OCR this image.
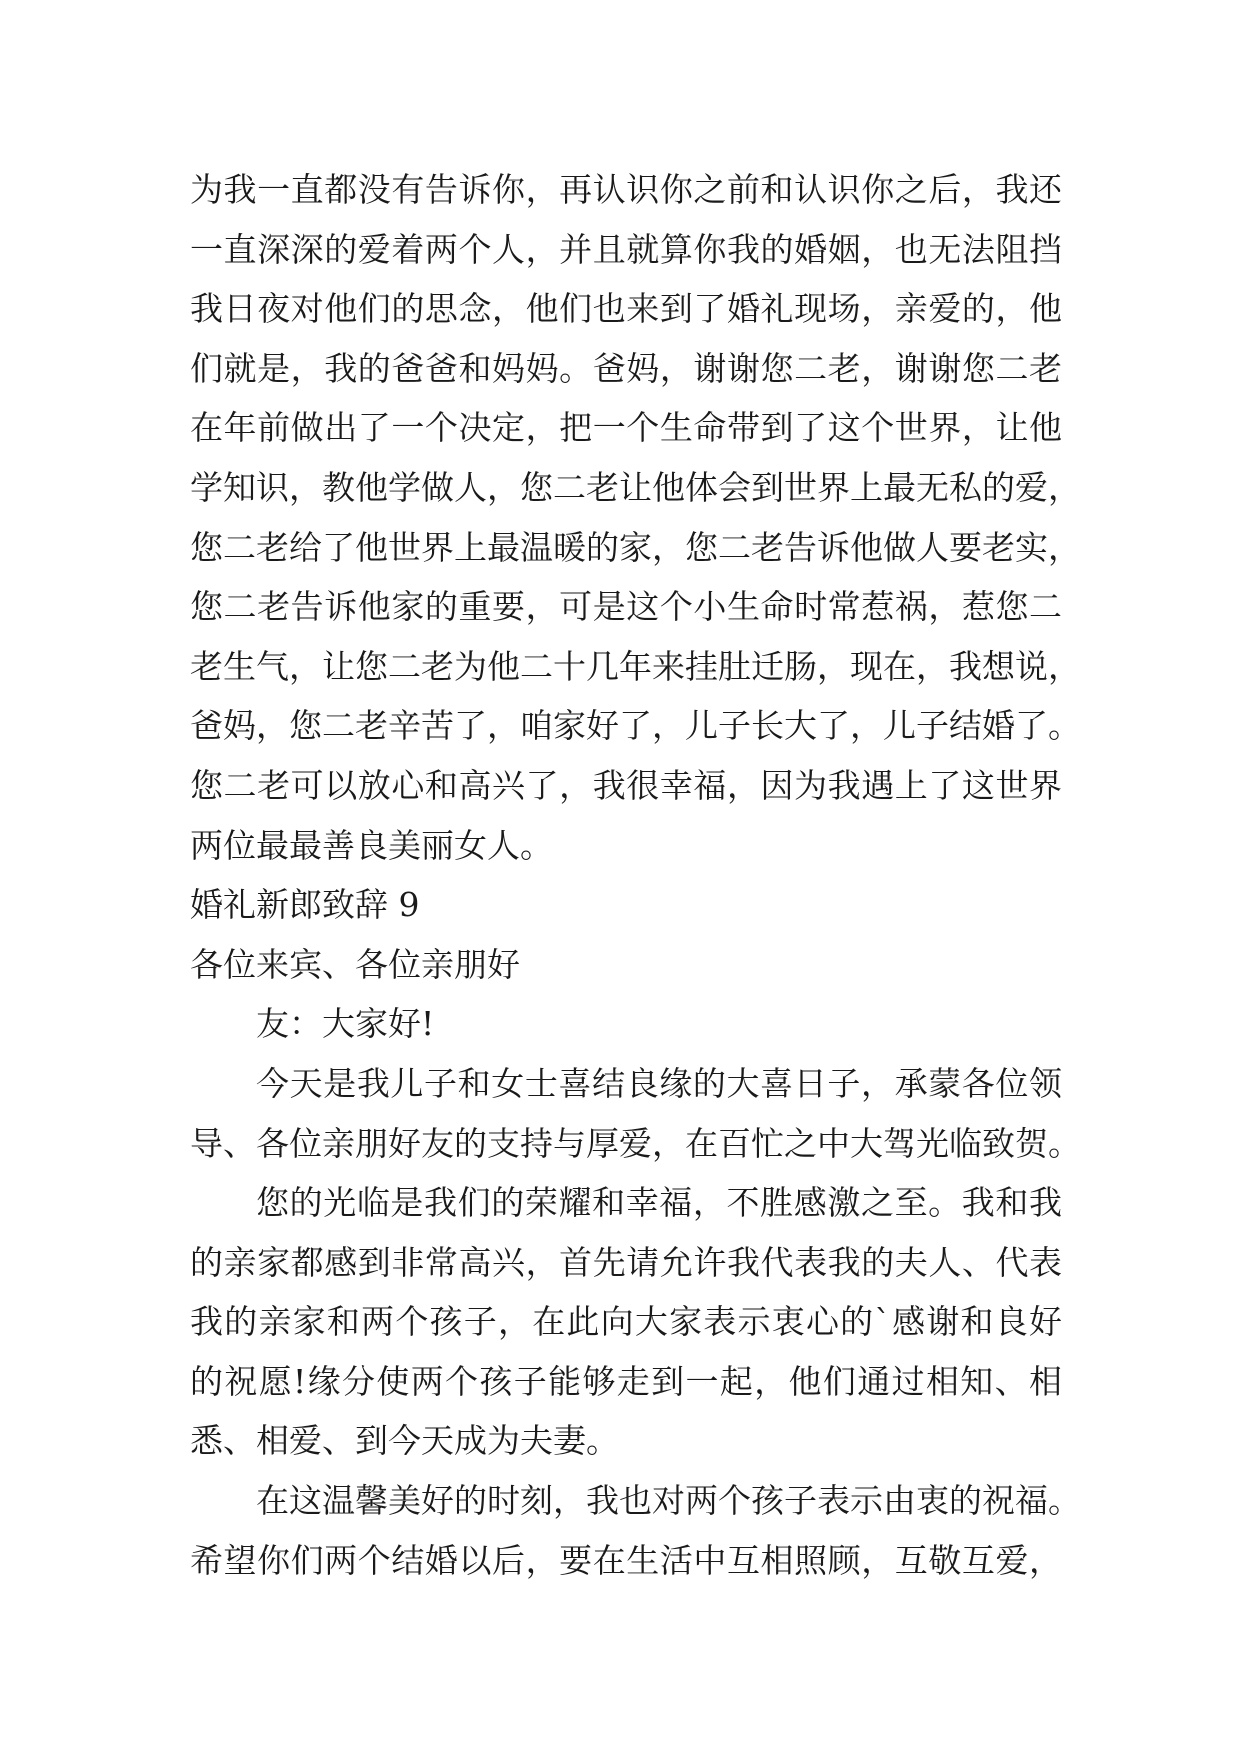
为我一直都没有告诉你，再认识你之前和认识你之后，我还
一直深深的爱着两个人，并且就算你我的婚姻，也无法阻挡
我日夜对他们的思念，他们也来到了婚礼现场，亲爱的，他
们就是，我的爸爸和妈妈。爸妈，谢谢您二老，谢谢您二老
在年前做出了一个决定，把一个生命带到了这个世界，让他
学知识，教他学做人，您二老让他体会到世界上最无私的爱，
您二老给了他世界上最温暖的家，您二老告诉他做人要老实，
您二老告诉他家的重要，可是这个小生命时常惹祸，惹您二
老生气，让您二老为他二十几年来挂肚迁肠，现在，我想说，
爸妈，您二老辛苦了，咱家好了，儿子长大了，儿子结婚了。
您二老可以放心和高兴了，我很幸福，因为我遇上了这世界
两位最最善良美丽女人。
婚礼新郎致辞 9
各位来宾、各位亲朋好
友：大家好!
今天是我儿子和女士喜结良缘的大喜日子，承蒙各位领
导、各位亲朋好友的支持与厚爱，在百忙之中大驾光临致贺。
您的光临是我们的荣耀和幸福，不胜感激之至。我和我
的亲家都感到非常高兴，首先请允许我代表我的夫人、代表
我的亲家和两个孩子，在此向大家表示衷心的`感谢和良好
的祝愿!缘分使两个孩子能够走到一起，他们通过相知、相
悉、相爱、到今天成为夫妻。
在这温馨美好的时刻，我也对两个孩子表示由衷的祝福。
希望你们两个结婚以后，要在生活中互相照顾，互敬互爱，
